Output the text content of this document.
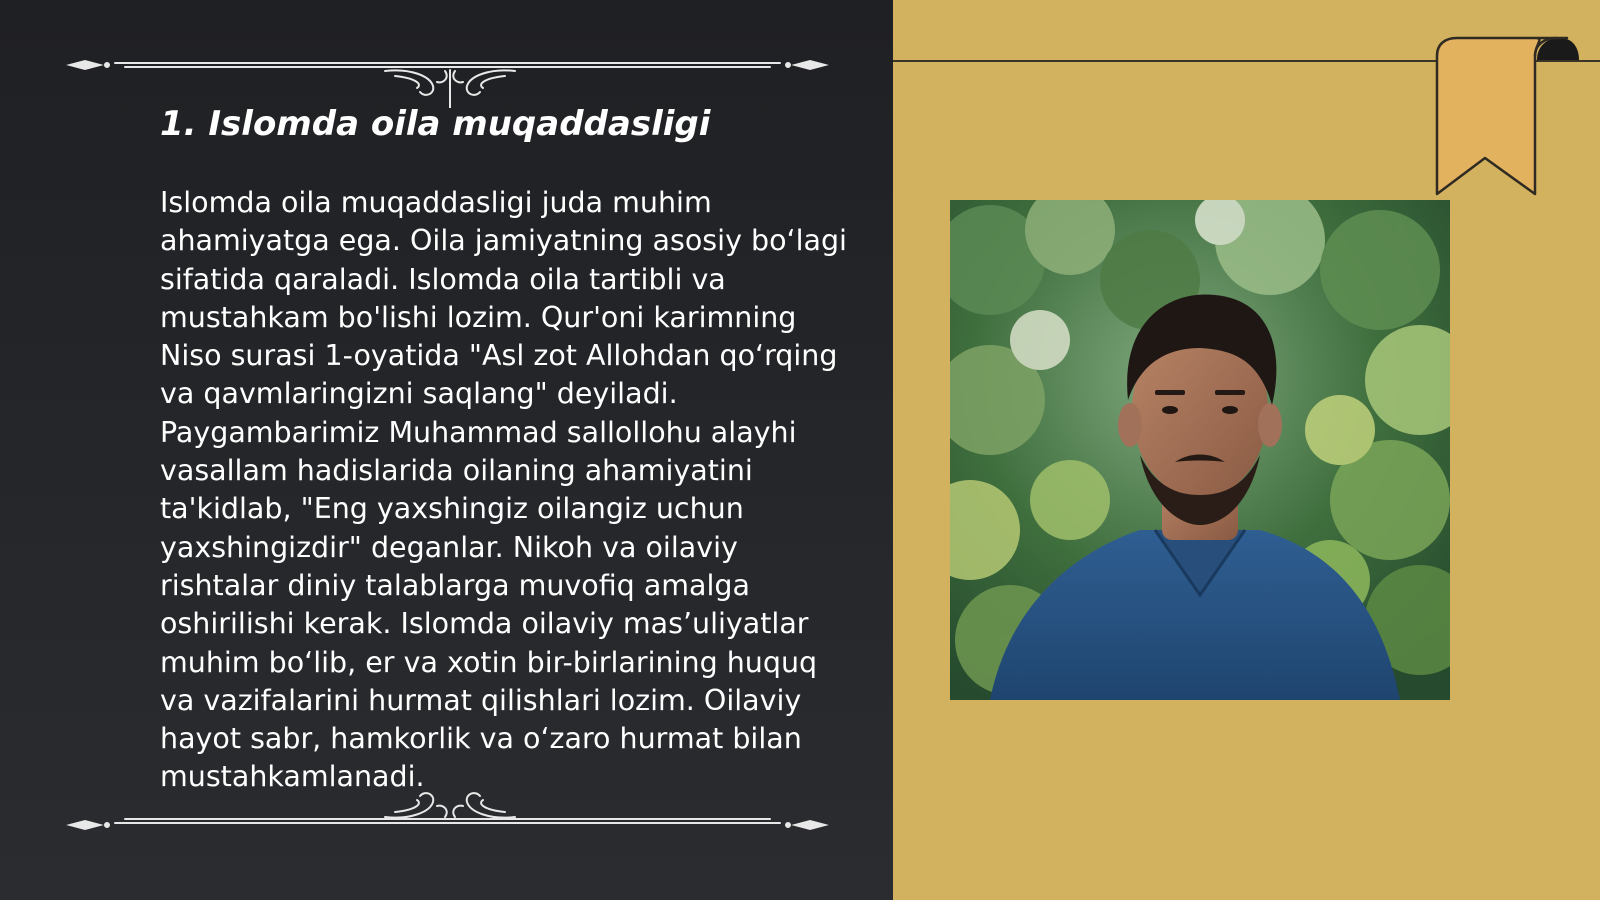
1. Islomda oila muqaddasligi

Islomda oila muqaddasligi juda muhim ahamiyatga ega. Oila jamiyatning asosiy bo‘lagi sifatida qaraladi. Islomda oila tartibli va mustahkam bo'lishi lozim. Qur'oni karimning Niso surasi 1-oyatida "Asl zot Allohdan qo‘rqing va qavmlaringizni saqlang" deyiladi. Paygambarimiz Muhammad sallollohu alayhi vasallam hadislarida oilaning ahamiyatini ta'kidlab, "Eng yaxshingiz oilangiz uchun yaxshingizdir" deganlar. Nikoh va oilaviy rishtalar diniy talablarga muvofiq amalga oshirilishi kerak. Islomda oilaviy mas’uliyatlar muhim bo‘lib, er va xotin bir-birlarining huquq va vazifalarini hurmat qilishlari lozim. Oilaviy hayot sabr, hamkorlik va o‘zaro hurmat bilan mustahkamlanadi.
